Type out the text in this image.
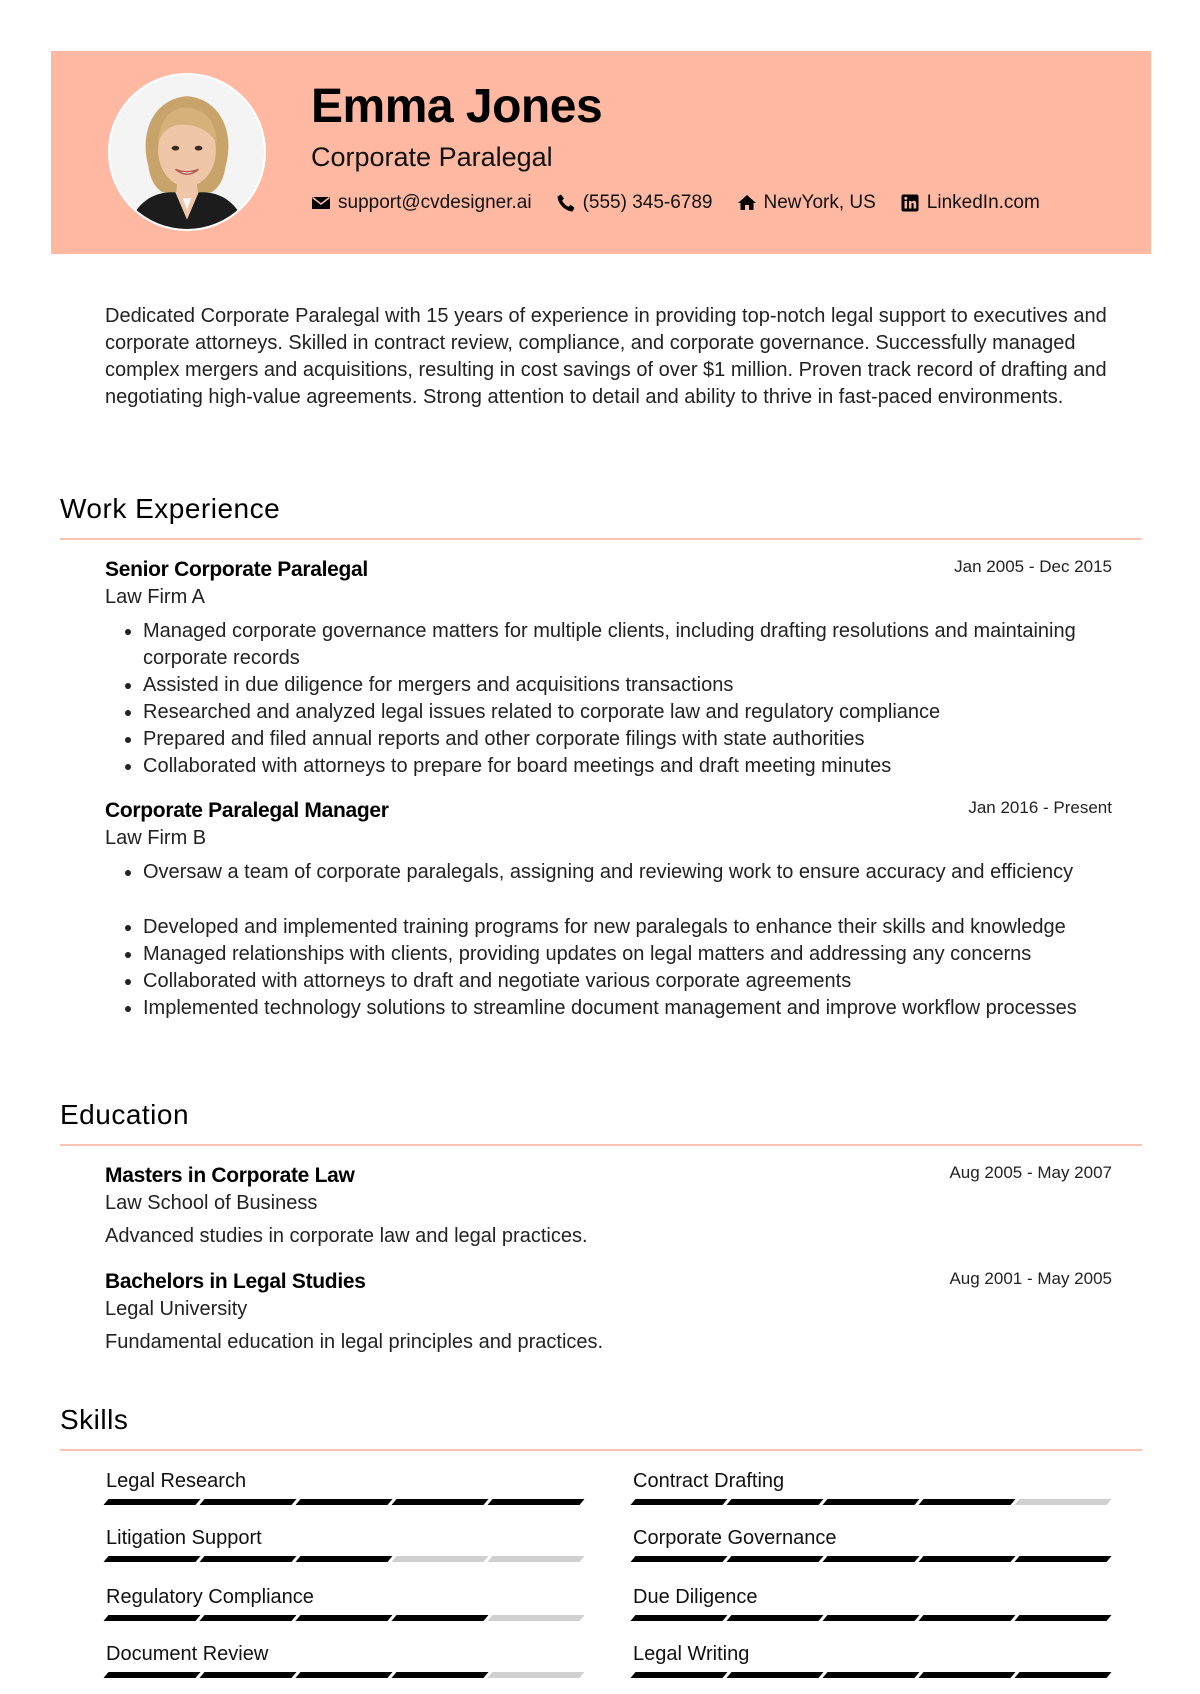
Emma Jones

Corporate Paralegal

support@cvdesigner.ai	(555) 345-6789	NewYork, US	LinkedIn.com

Dedicated Corporate Paralegal with 15 years of experience in providing top-notch legal support to executives and corporate attorneys. Skilled in contract review, compliance, and corporate governance. Successfully managed complex mergers and acquisitions, resulting in cost savings of over $1 million. Proven track record of drafting and negotiating high-value agreements. Strong attention to detail and ability to thrive in fast-paced environments.

Work Experience

Senior Corporate Paralegal

Law Firm A

Jan 2005 - Dec 2015

• Managed corporate governance matters for multiple clients, including drafting resolutions and maintaining corporate records
• Assisted in due diligence for mergers and acquisitions transactions
• Researched and analyzed legal issues related to corporate law and regulatory compliance
• Prepared and filed annual reports and other corporate filings with state authorities
• Collaborated with attorneys to prepare for board meetings and draft meeting minutes

Corporate Paralegal Manager

Law Firm B

Jan 2016 - Present

• Oversaw a team of corporate paralegals, assigning and reviewing work to ensure accuracy and efficiency
• Developed and implemented training programs for new paralegals to enhance their skills and knowledge
• Managed relationships with clients, providing updates on legal matters and addressing any concerns
• Collaborated with attorneys to draft and negotiate various corporate agreements
• Implemented technology solutions to streamline document management and improve workflow processes
Education

Masters in Corporate Law

Law School of Business

Aug 2005 - May 2007

Advanced studies in corporate law and legal practices.

Bachelors in Legal Studies

Legal University

Aug 2001 - May 2005

Fundamental education in legal principles and practices.

Skills

Legal Research	Contract Drafting

Litigation Support	Corporate Governance

Regulatory Compliance	Due Diligence

Document Review	Legal Writing
